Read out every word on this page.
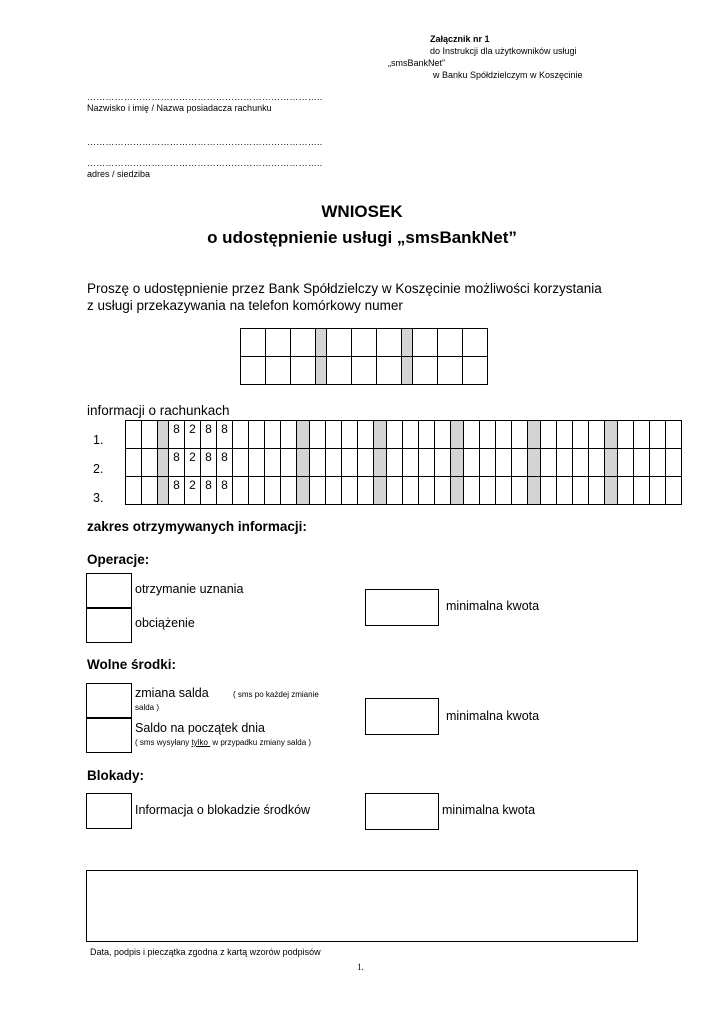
Załącznik nr 1
do Instrukcji dla użytkowników usługi
„smsBankNet”
w Banku Spółdzielczym w Koszęcinie
…………………………………………………………………..
Nazwisko i imię / Nazwa posiadacza rachunku
…………………………………………………………………..
…………………………………………………………………..
adres / siedziba
WNIOSEK
o udostępnienie usługi „smsBankNet”
Proszę o udostępnienie przez Bank Spółdzielczy w Koszęcinie możliwości korzystania z usługi przekazywania na telefon komórkowy numer

informacji o rachunkach
1.
2.
3.
			8	2	8	8																													
			8	2	8	8																													
			8	2	8	8																													
zakres otrzymywanych informacji:
Operacje:
otrzymanie uznania
obciążenie
minimalna kwota
Wolne środki:
zmiana salda	( sms po każdej zmianie
salda )
Saldo na początek dnia
( sms wysyłany tylko  w przypadku zmiany salda )
minimalna kwota
Blokady:
Informacja o blokadzie środków	minimalna kwota
Data, podpis i pieczątka zgodna z kartą wzorów podpisów
1.
